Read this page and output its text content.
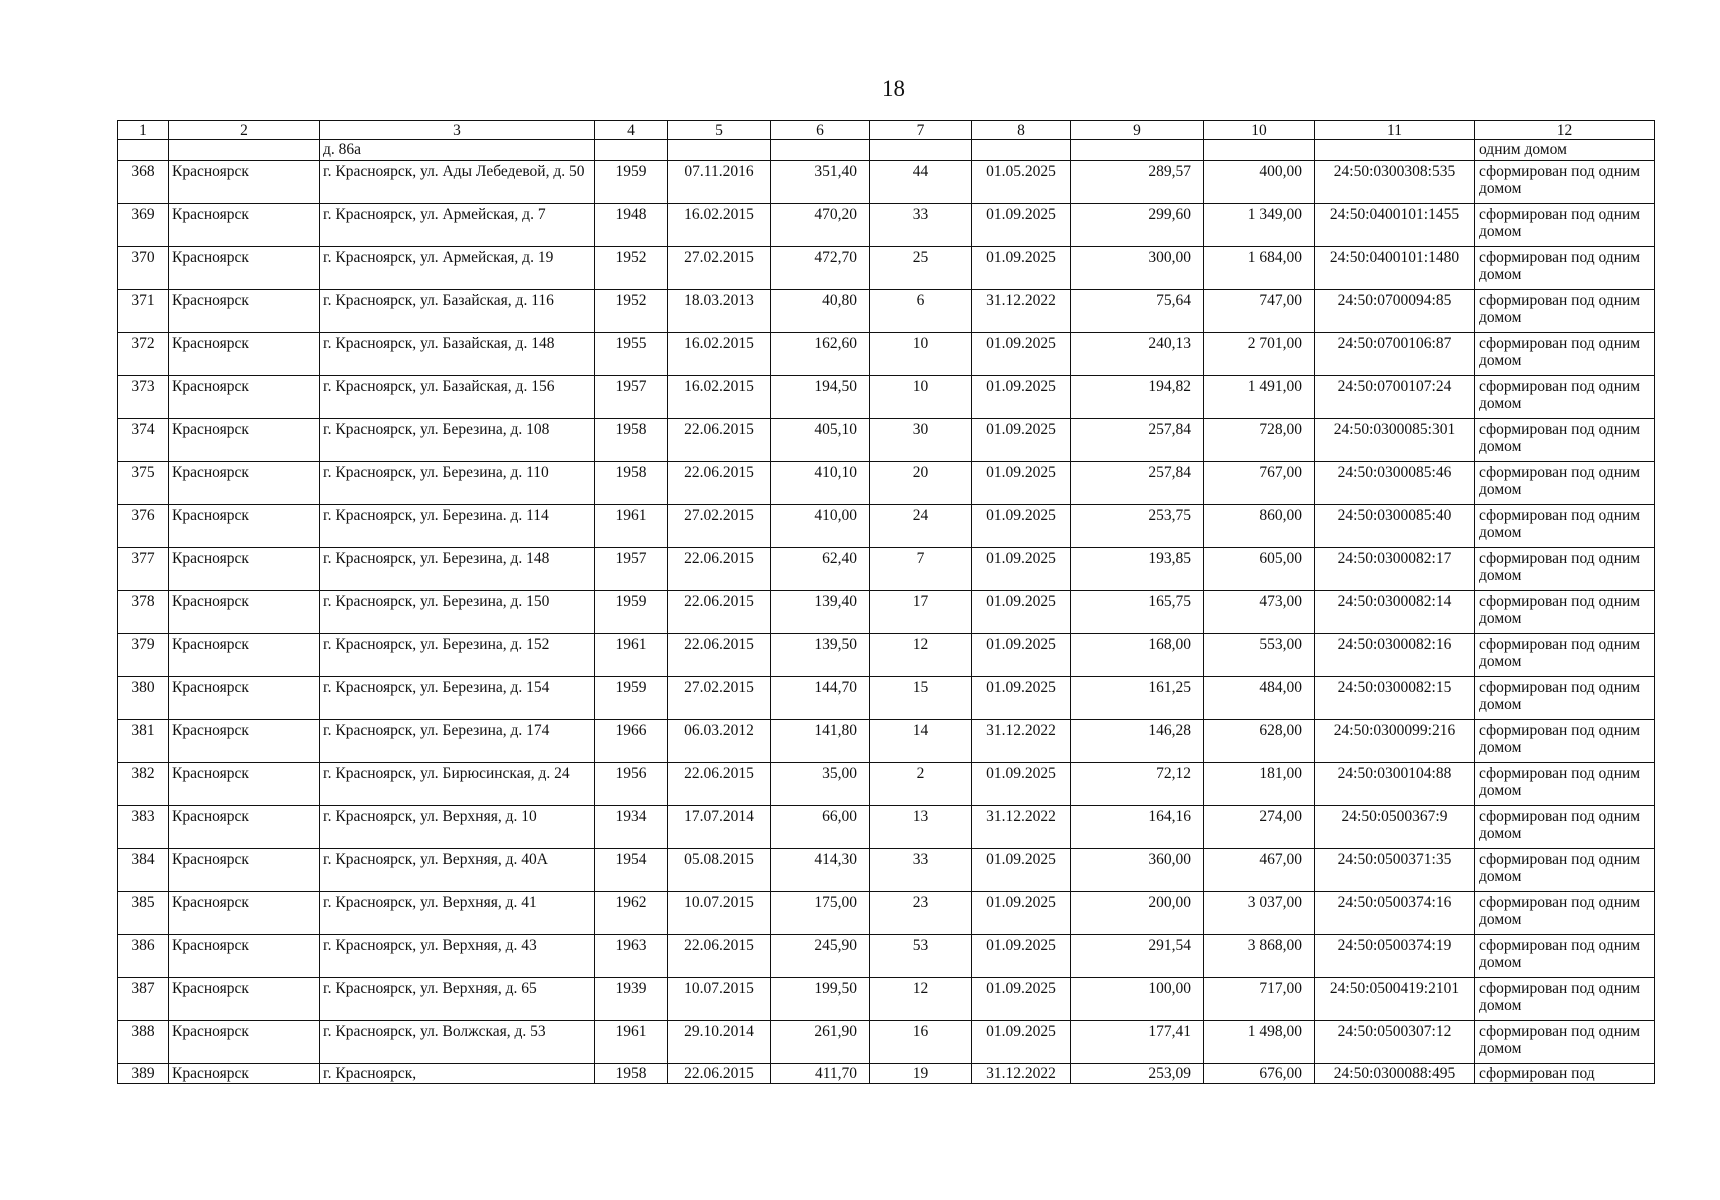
18
1	2	3	4	5	6	7	8	9	10	11	12
		д. 86а									одним домом
368	Красноярск	г. Красноярск, ул. Ады Лебедевой, д. 50	1959	07.11.2016	351,40	44	01.05.2025	289,57	400,00	24:50:0300308:535	сформирован под одним домом
369	Красноярск	г. Красноярск, ул. Армейская, д. 7	1948	16.02.2015	470,20	33	01.09.2025	299,60	1 349,00	24:50:0400101:1455	сформирован под одним домом
370	Красноярск	г. Красноярск, ул. Армейская, д. 19	1952	27.02.2015	472,70	25	01.09.2025	300,00	1 684,00	24:50:0400101:1480	сформирован под одним домом
371	Красноярск	г. Красноярск, ул. Базайская, д. 116	1952	18.03.2013	40,80	6	31.12.2022	75,64	747,00	24:50:0700094:85	сформирован под одним домом
372	Красноярск	г. Красноярск, ул. Базайская, д. 148	1955	16.02.2015	162,60	10	01.09.2025	240,13	2 701,00	24:50:0700106:87	сформирован под одним домом
373	Красноярск	г. Красноярск, ул. Базайская, д. 156	1957	16.02.2015	194,50	10	01.09.2025	194,82	1 491,00	24:50:0700107:24	сформирован под одним домом
374	Красноярск	г. Красноярск, ул. Березина, д. 108	1958	22.06.2015	405,10	30	01.09.2025	257,84	728,00	24:50:0300085:301	сформирован под одним домом
375	Красноярск	г. Красноярск, ул. Березина, д. 110	1958	22.06.2015	410,10	20	01.09.2025	257,84	767,00	24:50:0300085:46	сформирован под одним домом
376	Красноярск	г. Красноярск, ул. Березина. д. 114	1961	27.02.2015	410,00	24	01.09.2025	253,75	860,00	24:50:0300085:40	сформирован под одним домом
377	Красноярск	г. Красноярск, ул. Березина, д. 148	1957	22.06.2015	62,40	7	01.09.2025	193,85	605,00	24:50:0300082:17	сформирован под одним домом
378	Красноярск	г. Красноярск, ул. Березина, д. 150	1959	22.06.2015	139,40	17	01.09.2025	165,75	473,00	24:50:0300082:14	сформирован под одним домом
379	Красноярск	г. Красноярск, ул. Березина, д. 152	1961	22.06.2015	139,50	12	01.09.2025	168,00	553,00	24:50:0300082:16	сформирован под одним домом
380	Красноярск	г. Красноярск, ул. Березина, д. 154	1959	27.02.2015	144,70	15	01.09.2025	161,25	484,00	24:50:0300082:15	сформирован под одним домом
381	Красноярск	г. Красноярск, ул. Березина, д. 174	1966	06.03.2012	141,80	14	31.12.2022	146,28	628,00	24:50:0300099:216	сформирован под одним домом
382	Красноярск	г. Красноярск, ул. Бирюсинская, д. 24	1956	22.06.2015	35,00	2	01.09.2025	72,12	181,00	24:50:0300104:88	сформирован под одним домом
383	Красноярск	г. Красноярск, ул. Верхняя, д. 10	1934	17.07.2014	66,00	13	31.12.2022	164,16	274,00	24:50:0500367:9	сформирован под одним домом
384	Красноярск	г. Красноярск, ул. Верхняя, д. 40А	1954	05.08.2015	414,30	33	01.09.2025	360,00	467,00	24:50:0500371:35	сформирован под одним домом
385	Красноярск	г. Красноярск, ул. Верхняя, д. 41	1962	10.07.2015	175,00	23	01.09.2025	200,00	3 037,00	24:50:0500374:16	сформирован под одним домом
386	Красноярск	г. Красноярск, ул. Верхняя, д. 43	1963	22.06.2015	245,90	53	01.09.2025	291,54	3 868,00	24:50:0500374:19	сформирован под одним домом
387	Красноярск	г. Красноярск, ул. Верхняя, д. 65	1939	10.07.2015	199,50	12	01.09.2025	100,00	717,00	24:50:0500419:2101	сформирован под одним домом
388	Красноярск	г. Красноярск, ул. Волжская, д. 53	1961	29.10.2014	261,90	16	01.09.2025	177,41	1 498,00	24:50:0500307:12	сформирован под одним домом
389	Красноярск	г. Красноярск,	1958	22.06.2015	411,70	19	31.12.2022	253,09	676,00	24:50:0300088:495	сформирован под
